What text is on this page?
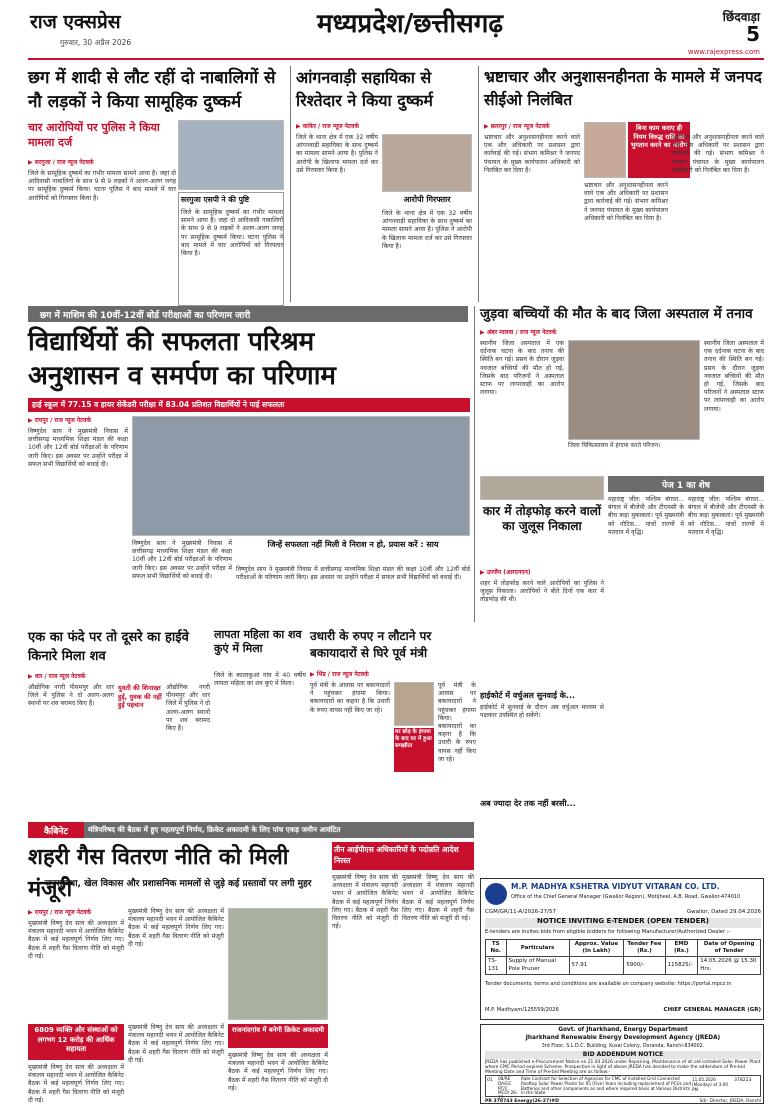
राज एक्सप्रेस
गुरुवार, 30 अप्रैल 2026
मध्यप्रदेश/छत्तीसगढ़	छिंदवाड़ा
5
www.rajexpress.com
छग में शादी से लौट रहीं दो नाबालिगों से नौ लड़कों ने किया सामूहिक दुष्कर्म
चार आरोपियों पर पुलिस ने किया मामला दर्ज
▶ सरगुजा / राज न्यूज नेटवर्क
जिले के सामूहिक दुष्कर्म का गंभीर मामला सामने आया है। जहां दो आदिवासी नाबालिगों के साथ 9 से 9 लड़कों ने अलग-अलग जगह पर सामूहिक दुष्कर्म किया। घटना पुलिस ने बाद मामले में चार आरोपियों को गिरफ्तार किया है।	सरगुजा एसपी ने की पुष्टि
जिले के सामूहिक दुष्कर्म का गंभीर मामला सामने आया है। जहां दो आदिवासी नाबालिगों के साथ 9 से 9 लड़कों ने अलग-अलग जगह पर सामूहिक दुष्कर्म किया। घटना पुलिस ने बाद मामले में चार आरोपियों को गिरफ्तार किया है।
आंगनवाड़ी सहायिका से रिश्तेदार ने किया दुष्कर्म
▶ कांकेर / राज न्यूज नेटवर्क
जिले के थाना क्षेत्र में एक 32 वर्षीय आंगनवाड़ी सहायिका के साथ दुष्कर्म का मामला सामने आया है। पुलिस ने आरोपी के खिलाफ मामला दर्ज कर उसे गिरफ्तार किया है।
आरोपी गिरफ्तार
जिले के थाना क्षेत्र में एक 32 वर्षीय आंगनवाड़ी सहायिका के साथ दुष्कर्म का मामला सामने आया है। पुलिस ने आरोपी के खिलाफ मामला दर्ज कर उसे गिरफ्तार किया है।
भ्रष्टाचार और अनुशासनहीनता के मामले में जनपद सीईओ निलंबित
▶ छतरपुर / राज न्यूज नेटवर्क
भ्रष्टाचार और अनुशासनहीनता करने वाले एक और अधिकारी पर प्रशासन द्वारा कार्रवाई की गई। संभाग कमिश्नर ने जनपद पंचायत के मुख्य कार्यपालन अधिकारी को निलंबित कर दिया है।
बिना काम कराए ही नियम विरुद्ध राशि का भुगतान करने का आरोप
भ्रष्टाचार और अनुशासनहीनता करने वाले एक और अधिकारी पर प्रशासन द्वारा कार्रवाई की गई। संभाग कमिश्नर ने जनपद पंचायत के मुख्य कार्यपालन अधिकारी को निलंबित कर दिया है।
भ्रष्टाचार और अनुशासनहीनता करने वाले एक और अधिकारी पर प्रशासन द्वारा कार्रवाई की गई। संभाग कमिश्नर ने जनपद पंचायत के मुख्य कार्यपालन अधिकारी को निलंबित कर दिया है।
छग में माशिम की 10वीं-12वीं बोर्ड परीक्षाओं का परिणाम जारी
विद्यार्थियों की सफलता परिश्रम
अनुशासन व समर्पण का परिणाम
हाई स्कूल में 77.15 व हायर सेकेंडरी परीक्षा में 83.04 प्रतिशत विद्यार्थियों ने पाई सफलता
▶ रायपुर / राज न्यूज नेटवर्क
विष्णुदेव साय ने मुख्यमंत्री निवास में छत्तीसगढ़ माध्यमिक शिक्षा मंडल की कक्षा 10वीं और 12वीं बोर्ड परीक्षाओं के परिणाम जारी किए। इस अवसर पर उन्होंने परीक्षा में सफल सभी विद्यार्थियों को बधाई दी।
विष्णुदेव साय ने मुख्यमंत्री निवास में छत्तीसगढ़ माध्यमिक शिक्षा मंडल की कक्षा 10वीं और 12वीं बोर्ड परीक्षाओं के परिणाम जारी किए। इस अवसर पर उन्होंने परीक्षा में सफल सभी विद्यार्थियों को बधाई दी।
जिन्हें सफलता नहीं मिली वे निराश न हो, प्रयास करें : साय
विष्णुदेव साय ने मुख्यमंत्री निवास में छत्तीसगढ़ माध्यमिक शिक्षा मंडल की कक्षा 10वीं और 12वीं बोर्ड परीक्षाओं के परिणाम जारी किए। इस अवसर पर उन्होंने परीक्षा में सफल सभी विद्यार्थियों को बधाई दी।
जुड़वा बच्चियों की मौत के बाद जिला अस्पताल में तनाव
▶ अंबर मालवा / राज न्यूज नेटवर्क
स्थानीय जिला अस्पताल में एक दर्दनाक घटना के बाद तनाव की स्थिति बन गई। प्रसव के दौरान जुड़वा नवजात बच्चियों की मौत हो गई, जिसके बाद परिजनों ने अस्पताल स्टाफ पर लापरवाही का आरोप लगाया।
जिला चिकित्सालय में हंगामा करते परिजन।
स्थानीय जिला अस्पताल में एक दर्दनाक घटना के बाद तनाव की स्थिति बन गई। प्रसव के दौरान जुड़वा नवजात बच्चियों की मौत हो गई, जिसके बाद परिजनों ने अस्पताल स्टाफ पर लापरवाही का आरोप लगाया।
कार में तोड़फोड़ करने वालों का जुलूस निकाला
▶ उज्जैन (आरएनएन)
शहर में तोड़फोड़ करने वाले आरोपियों का पुलिस ने जुलूस निकाला। आरोपियों ने बीते दिनों एक कार में तोड़फोड़ की थी।
पेज 1 का शेष
महाराष्ट्र जीत: पश्चिम बंगाल... बंगाल में बीजेपी और टीएमसी के बीच कड़ा मुकाबला। पूर्व मुख्यमंत्री को नोटिस... पांचों राज्यों में मतदान में वृद्धि।
महाराष्ट्र जीत: पश्चिम बंगाल... बंगाल में बीजेपी और टीएमसी के बीच कड़ा मुकाबला। पूर्व मुख्यमंत्री को नोटिस... पांचों राज्यों में मतदान में वृद्धि।
एक का फंदे पर तो दूसरे का हाईवे किनारे मिला शव
▶ धार / राज न्यूज नेटवर्क
औद्योगिक नगरी पीथमपुर और धार जिले में पुलिस ने दो अलग-अलग स्थानों पर शव बरामद किए हैं।
युवती की शिनाख्त हुई, युवक की नहीं हुई पहचान
औद्योगिक नगरी पीथमपुर और धार जिले में पुलिस ने दो अलग-अलग स्थानों पर शव बरामद किए हैं।
लापता महिला का शव कुएं में मिला
जिले के कालाकुआं गांव में 40 वर्षीय लापता महिला का शव कुएं में मिला।
उधारी के रुपए न लौटाने पर बकायादारों से घिरे पूर्व मंत्री
▶ भिंड / राज न्यूज नेटवर्क
पूर्व मंत्री के आवास पर बकायादारों ने पहुंचकर हंगामा किया। बकायादारों का कहना है कि उधारी के रुपए वापस नहीं किए जा रहे।
घर छोड़ के हंगामा के बाद घर में हुआ समझौता
पूर्व मंत्री के आवास पर बकायादारों ने पहुंचकर हंगामा किया। बकायादारों का कहना है कि उधारी के रुपए वापस नहीं किए जा रहे।
हाईकोर्ट में वर्चुअल सुनवाई के...
हाईकोर्ट में सुनवाई के दौरान अब वर्चुअल माध्यम से पक्षकार उपस्थित हो सकेंगे।
अब ज्यादा देर तक नहीं बरसी...
कैबिनेट	मंत्रिपरिषद की बैठक में हुए महत्वपूर्ण निर्णय, क्रिकेट अकादमी के लिए पांच एकड़ जमीन आवंटित
शहरी गैस वितरण नीति को मिली मंजूरी
जनसुविधा, खेल विकास और प्रशासनिक मामलों से जुड़े कई प्रस्तावों पर लगी मुहर
▶ रायपुर / राज न्यूज नेटवर्क
मुख्यमंत्री विष्णु देव साय की अध्यक्षता में मंत्रालय महानदी भवन में आयोजित कैबिनेट बैठक में कई महत्वपूर्ण निर्णय लिए गए। बैठक में शहरी गैस वितरण नीति को मंजूरी दी गई।
6809 व्यक्ति और संस्थाओं को लगभग 12 करोड़ की आर्थिक सहायता
मुख्यमंत्री विष्णु देव साय की अध्यक्षता में मंत्रालय महानदी भवन में आयोजित कैबिनेट बैठक में कई महत्वपूर्ण निर्णय लिए गए। बैठक में शहरी गैस वितरण नीति को मंजूरी दी गई।
मुख्यमंत्री विष्णु देव साय की अध्यक्षता में मंत्रालय महानदी भवन में आयोजित कैबिनेट बैठक में कई महत्वपूर्ण निर्णय लिए गए। बैठक में शहरी गैस वितरण नीति को मंजूरी दी गई।
मुख्यमंत्री विष्णु देव साय की अध्यक्षता में मंत्रालय महानदी भवन में आयोजित कैबिनेट बैठक में कई महत्वपूर्ण निर्णय लिए गए। बैठक में शहरी गैस वितरण नीति को मंजूरी दी गई।
राजनांदगांव में बनेगी क्रिकेट अकादमी
मुख्यमंत्री विष्णु देव साय की अध्यक्षता में मंत्रालय महानदी भवन में आयोजित कैबिनेट बैठक में कई महत्वपूर्ण निर्णय लिए गए। बैठक में शहरी गैस वितरण नीति को मंजूरी दी गई।
तीन आईपीएस अधिकारियों के पदोन्नति आदेश निरस्त
मुख्यमंत्री विष्णु देव साय की अध्यक्षता में मंत्रालय महानदी भवन में आयोजित कैबिनेट बैठक में कई महत्वपूर्ण निर्णय लिए गए। बैठक में शहरी गैस वितरण नीति को मंजूरी दी गई।
मुख्यमंत्री विष्णु देव साय की अध्यक्षता में मंत्रालय महानदी भवन में आयोजित कैबिनेट बैठक में कई महत्वपूर्ण निर्णय लिए गए। बैठक में शहरी गैस वितरण नीति को मंजूरी दी गई।
M.P. MADHYA KSHETRA VIDYUT VITARAN CO. LTD.
Office of the Chief General Manager (Gwalior Region), Motijheel, A.B. Road, Gwalior-474010
CGM/GR/11-A/2026-27/57	Gwalior, Dated 29.04.2026
NOTICE INVITING E-TENDER (OPEN TENDER)
E-tenders are invites bids from eligible bidders for following Manufacturer/Authorized Dealer :-
TS No.	Particulars	Approx. Value (In Lakh)	Tender Fee (Rs.)	EMD (Rs.)	Date of Opening of Tender
TS-131	Supply of Manual Pole Pruner	57.91	5900/-	115825/-	14.05.2026 @ 15.30 Hrs.
Tender documents, terms and conditions are available on company website: https://portal.mpcz.in
M.P. Madhyam/125559/2026	CHIEF GENERAL MANAGER (GR)
Govt. of Jharkhand, Energy Department
Jharkhand Renewable Energy Development Agency (JREDA)
3rd Floor, S.L.D.C. Building, Kusai Colony, Doranda, Ranchi-834002.
BID ADDENDUM NOTICE
JREDA has published e-Procurement Notice on 21.04.2026 under Repairing, Maintenance of all old installed Solar Power Plant where CMC Period expired Scheme. Prospective in light of above JREDA has decided to make the addendum of Pre-bid Meeting Date and Time of Pre-bid Meeting are as follow:-
01	08/RE DA/GC RT/C MCO/ 26-27
Rate Contract for Selection of Agencies for CMC of installed Grid Connected Rooftop Solar Power Plants for 05 (Five) Years including replacement of PCUs and Batteries and other components as and where required basis at Various Districts in the State
11.05.2026 (Monday) at 3.00 PM
378223
PR 378743 Energy(26-27)#D	Sd/- Director, JREDA, Ranchi
